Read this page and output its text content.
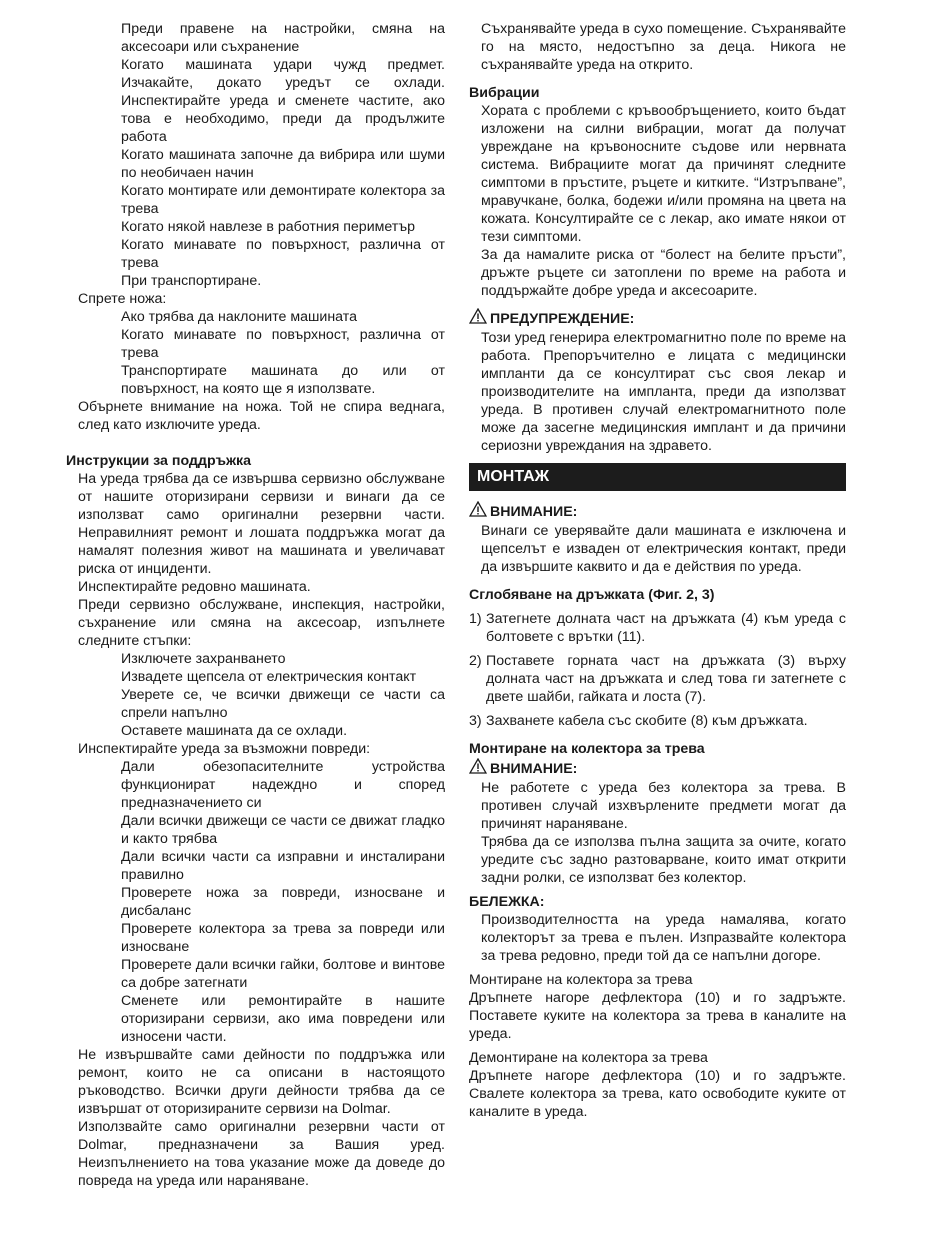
Преди правене на настройки, смяна на аксесоари или съхранение

Когато машината удари чужд предмет. Изчакайте, докато уредът се охлади. Инспектирайте уреда и сменете частите, ако това е необходимо, преди да продължите работа

Когато машината започне да вибрира или шуми по необичаен начин

Когато монтирате или демонтирате колектора за трева

Когато някой навлезе в работния периметър

Когато минавате по повърхност, различна от трева

При транспортиране.

Спрете ножа:

Ако трябва да наклоните машината

Когато минавате по повърхност, различна от трева

Транспортирате машината до или от повърхност, на която ще я използвате.

Обърнете внимание на ножа. Той не спира веднага, след като изключите уреда.

Инструкции за поддръжка

На уреда трябва да се извършва сервизно обслужване от нашите оторизирани сервизи и винаги да се използват само оригинални резервни части. Неправилният ремонт и лошата поддръжка могат да намалят полезния живот на машината и увеличават риска от инциденти.

Инспектирайте редовно машината.

Преди сервизно обслужване, инспекция, настройки, съхранение или смяна на аксесоар, изпълнете следните стъпки:

Изключете захранването

Извадете щепсела от електрическия контакт

Уверете се, че всички движещи се части са спрели напълно

Оставете машината да се охлади.

Инспектирайте уреда за възможни повреди:

Дали обезопасителните устройства функционират надеждно и според предназначението си

Дали всички движещи се части се движат гладко и както трябва

Дали всички части са изправни и инсталирани правилно

Проверете ножа за повреди, износване и дисбаланс

Проверете колектора за трева за повреди или износване

Проверете дали всички гайки, болтове и винтове са добре затегнати

Сменете или ремонтирайте в нашите оторизирани сервизи, ако има повредени или износени части.

Не извършвайте сами дейности по поддръжка или ремонт, които не са описани в настоящото ръководство. Всички други дейности трябва да се извършат от оторизираните сервизи на Dolmar.

Използвайте само оригинални резервни части от Dolmar, предназначени за Вашия уред. Неизпълнението на това указание може да доведе до повреда на уреда или нараняване.

Съхранявайте уреда в сухо помещение. Съхранявайте го на място, недостъпно за деца. Никога не съхранявайте уреда на открито.

Вибрации

Хората с проблеми с кръвообръщението, които бъдат изложени на силни вибрации, могат да получат увреждане на кръвоносните съдове или нервната система. Вибрациите могат да причинят следните симптоми в пръстите, ръцете и китките. “Изтръпване”, мравучкане, болка, бодежи и/или промяна на цвета на кожата. Консултирайте се с лекар, ако имате някои от тези симптоми.

За да намалите риска от “болест на белите пръсти”, дръжте ръцете си затоплени по време на работа и поддържайте добре уреда и аксесоарите.

ПРЕДУПРЕЖДЕНИЕ:

Този уред генерира електромагнитно поле по време на работа. Препоръчително е лицата с медицински импланти да се консултират със своя лекар и производителите на импланта, преди да използват уреда. В противен случай електромагнитното поле може да засегне медицинския имплант и да причини сериозни увреждания на здравето.

МОНТАЖ

ВНИМАНИЕ:

Винаги се уверявайте дали машината е изключена и щепселът е изваден от електрическия контакт, преди да извършите каквито и да е действия по уреда.

Сглобяване на дръжката (Фиг. 2, 3)

1) Затегнете долната част на дръжката (4) към уреда с болтовете с врътки (11).
2) Поставете горната част на дръжката (3) върху долната част на дръжката и след това ги затегнете с двете шайби, гайката и лоста (7).
3) Захванете кабела със скобите (8) към дръжката.

Монтиране на колектора за трева

ВНИМАНИЕ:

Не работете с уреда без колектора за трева. В противен случай изхвърлените предмети могат да причинят нараняване.

Трябва да се използва пълна защита за очите, когато уредите със задно разтоварване, които имат открити задни ролки, се използват без колектор.

БЕЛЕЖКА:

Производителността на уреда намалява, когато колекторът за трева е пълен. Изпразвайте колектора за трева редовно, преди той да се напълни догоре.

Монтиране на колектора за трева

Дръпнете нагоре дефлектора (10) и го задръжте. Поставете куките на колектора за трева в каналите на уреда.

Демонтиране на колектора за трева

Дръпнете нагоре дефлектора (10) и го задръжте. Свалете колектора за трева, като освободите куките от каналите в уреда.
